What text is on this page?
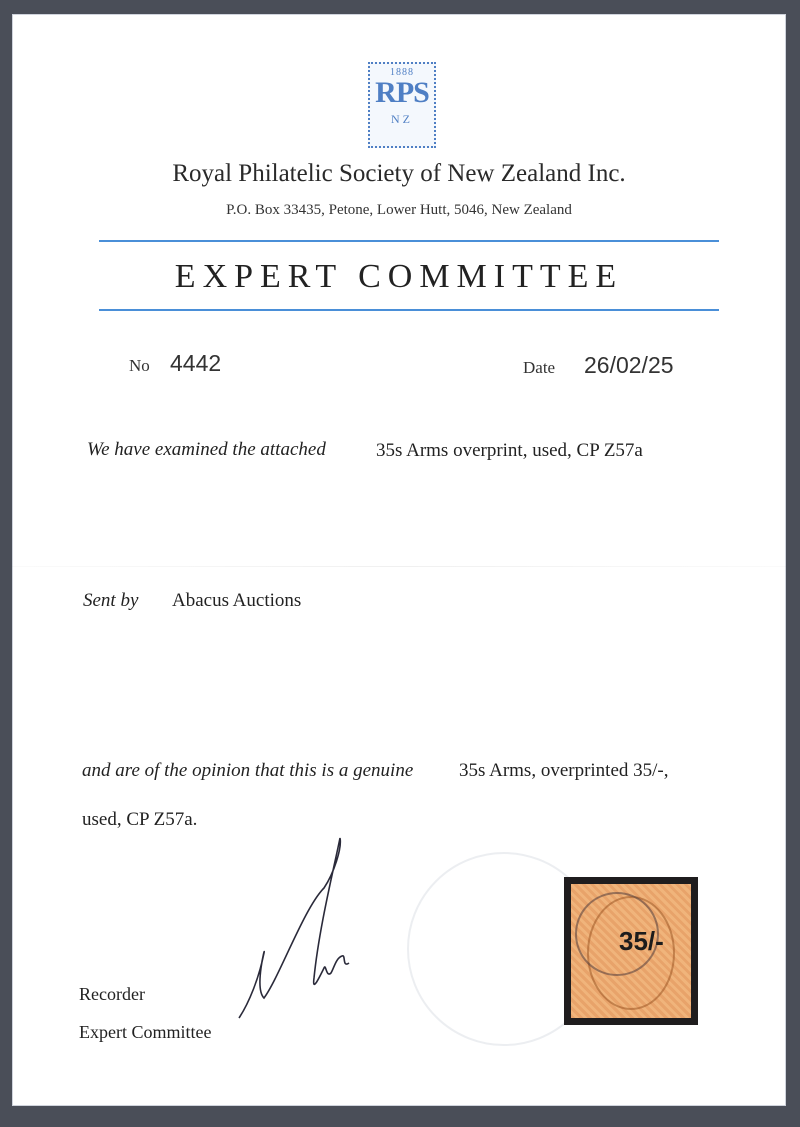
1888
RPS
NZ
Royal Philatelic Society of New Zealand Inc.
P.O. Box 33435, Petone, Lower Hutt, 5046, New Zealand
EXPERT COMMITTEE
No 4442	Date 26/02/25
We have examined the attached	35s Arms overprint, used, CP Z57a
Sent by Abacus Auctions
and are of the opinion that this is a genuine 35s Arms, overprinted 35/-,
used, CP Z57a.
Recorder
Expert Committee
35/-
